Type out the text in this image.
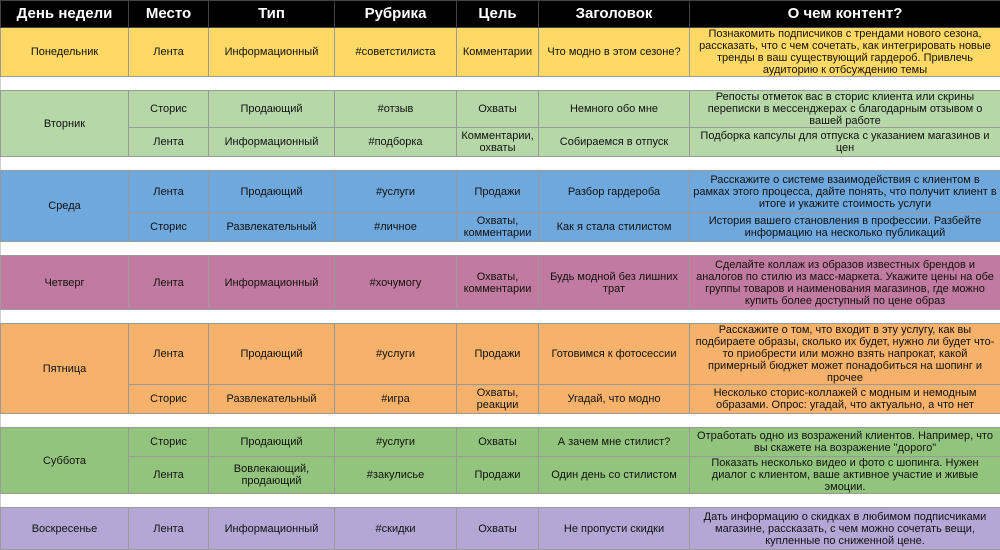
День недели	Место	Тип	Рубрика	Цель	Заголовок	О чем контент?
Понедельник	Лента	Информационный	#советстилиста	Комментарии	Что модно в этом сезоне?	Познакомить подписчиков с трендами нового сезона, рассказать, что с чем сочетать, как интегрировать новые тренды в ваш существующий гардероб. Привлечь аудиторию к отбсуждению темы

Вторник	Сторис	Продающий	#отзыв	Охваты	Немного обо мне	Репосты отметок вас в сторис клиента или скрины переписки в мессенджерах с благодарным отзывом о вашей работе
	Лента	Информационный	#подборка	Комментарии, охваты	Собираемся в отпуск	Подборка капсулы для отпуска с указанием магазинов и цен

Среда	Лента	Продающий	#услуги	Продажи	Разбор гардероба	Расскажите о системе взаимодействия с клиентом в рамках этого процесса, дайте понять, что получит клиент в итоге и укажите стоимость услуги
	Сторис	Развлекательный	#личное	Охваты, комментарии	Как я стала стилистом	История вашего становления в профессии. Разбейте информацию на несколько публикаций

Четверг	Лента	Информационный	#хочумогу	Охваты, комментарии	Будь модной без лишних трат	Сделайте коллаж из образов известных брендов и аналогов по стилю из масс-маркета. Укажите цены на обе группы товаров и наименования магазинов, где можно купить более доступный по цене образ

Пятница	Лента	Продающий	#услуги	Продажи	Готовимся к фотосессии	Расскажите о том, что входит в эту услугу, как вы подбираете образы, сколько их будет, нужно ли будет что-то приобрести или можно взять напрокат, какой примерный бюджет может понадобиться на шопинг и прочее
	Сторис	Развлекательный	#игра	Охваты, реакции	Угадай, что модно	Несколько сторис-коллажей с модным и немодным образами. Опрос: угадай, что актуально, а что нет

Суббота	Сторис	Продающий	#услуги	Охваты	А зачем мне стилист?	Отработать одно из возражений клиентов. Например, что вы скажете на возражение "дорого"
	Лента	Вовлекающий, продающий	#закулисье	Продажи	Один день со стилистом	Показать несколько видео и фото с шопинга. Нужен диалог с клиентом, ваше активное участие и живые эмоции.

Воскресенье	Лента	Информационный	#скидки	Охваты	Не пропусти скидки	Дать информацию о скидках в любимом подписчиками магазине, рассказать, с чем можно сочетать вещи, купленные по сниженной цене.
